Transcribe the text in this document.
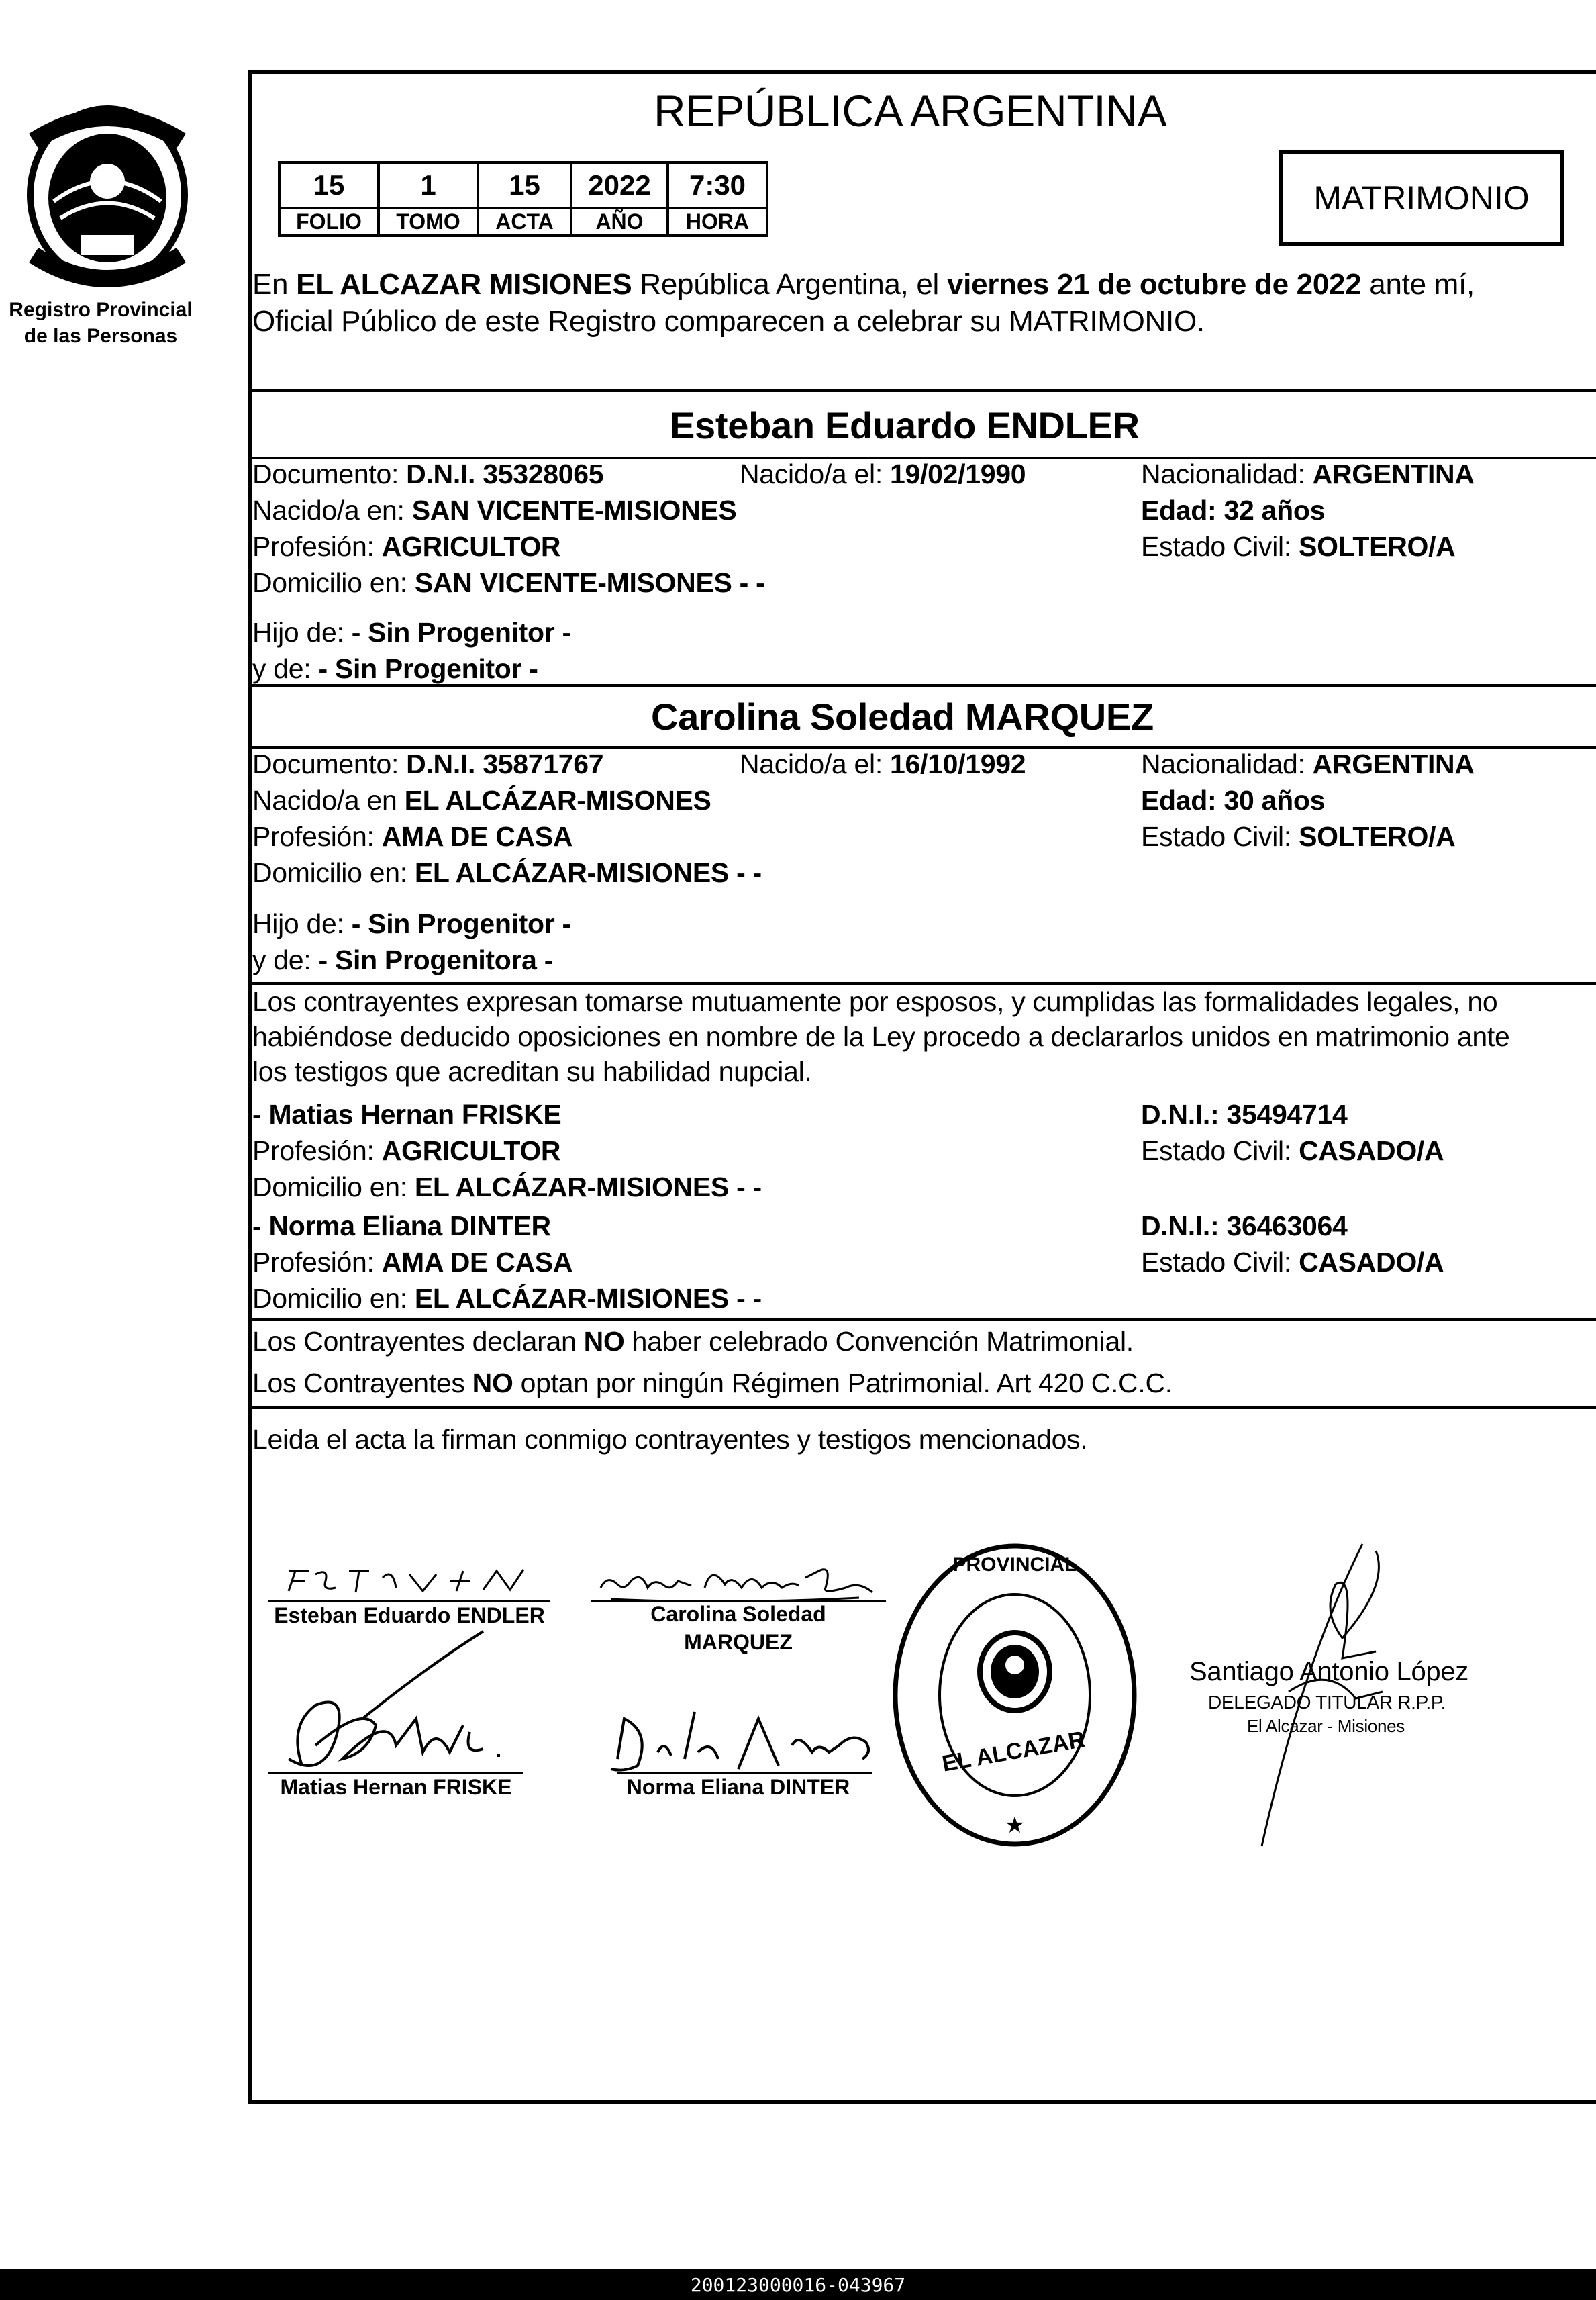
Registro Provincial
de las Personas
REPÚBLICA ARGENTINA
15	1	15	2022	7:30
FOLIO	TOMO	ACTA	AÑO	HORA
MATRIMONIO
En EL ALCAZAR MISIONES República Argentina, el viernes 21 de octubre de 2022 ante mí,
Oficial Público de este Registro comparecen a celebrar su MATRIMONIO.
Esteban Eduardo ENDLER
Documento: D.N.I. 35328065	Nacido/a el: 19/02/1990	Nacionalidad: ARGENTINA
Nacido/a en: SAN VICENTE-MISIONES	Edad: 32 años
Profesión: AGRICULTOR	Estado Civil: SOLTERO/A
Domicilio en: SAN VICENTE-MISONES - -
Hijo de: - Sin Progenitor -
y de: - Sin Progenitor -
Carolina Soledad MARQUEZ
Documento: D.N.I. 35871767	Nacido/a el: 16/10/1992	Nacionalidad: ARGENTINA
Nacido/a en EL ALCÁZAR-MISONES	Edad: 30 años
Profesión: AMA DE CASA	Estado Civil: SOLTERO/A
Domicilio en: EL ALCÁZAR-MISIONES - -
Hijo de: - Sin Progenitor -
y de: - Sin Progenitora -
Los contrayentes expresan tomarse mutuamente por esposos, y cumplidas las formalidades legales, no
habiéndose deducido oposiciones en nombre de la Ley procedo a declararlos unidos en matrimonio ante
los testigos que acreditan su habilidad nupcial.
- Matias Hernan FRISKE	D.N.I.: 35494714
Profesión: AGRICULTOR	Estado Civil: CASADO/A
Domicilio en: EL ALCÁZAR-MISIONES - -
- Norma Eliana DINTER	D.N.I.: 36463064
Profesión: AMA DE CASA	Estado Civil: CASADO/A
Domicilio en: EL ALCÁZAR-MISIONES - -
Los Contrayentes declaran NO haber celebrado Convención Matrimonial.
Los Contrayentes NO optan por ningún Régimen Patrimonial. Art 420 C.C.C.
Leida el acta la firman conmigo contrayentes y testigos mencionados.
Esteban Eduardo ENDLER	Carolina Soledad
MARQUEZ
Matias Hernan FRISKE	Norma Eliana DINTER
EL ALCAZAR
PROVINCIAL
★
Santiago Antonio López
DELEGADO TITULAR R.P.P.
El Alcazar - Misiones
200123000016-043967
